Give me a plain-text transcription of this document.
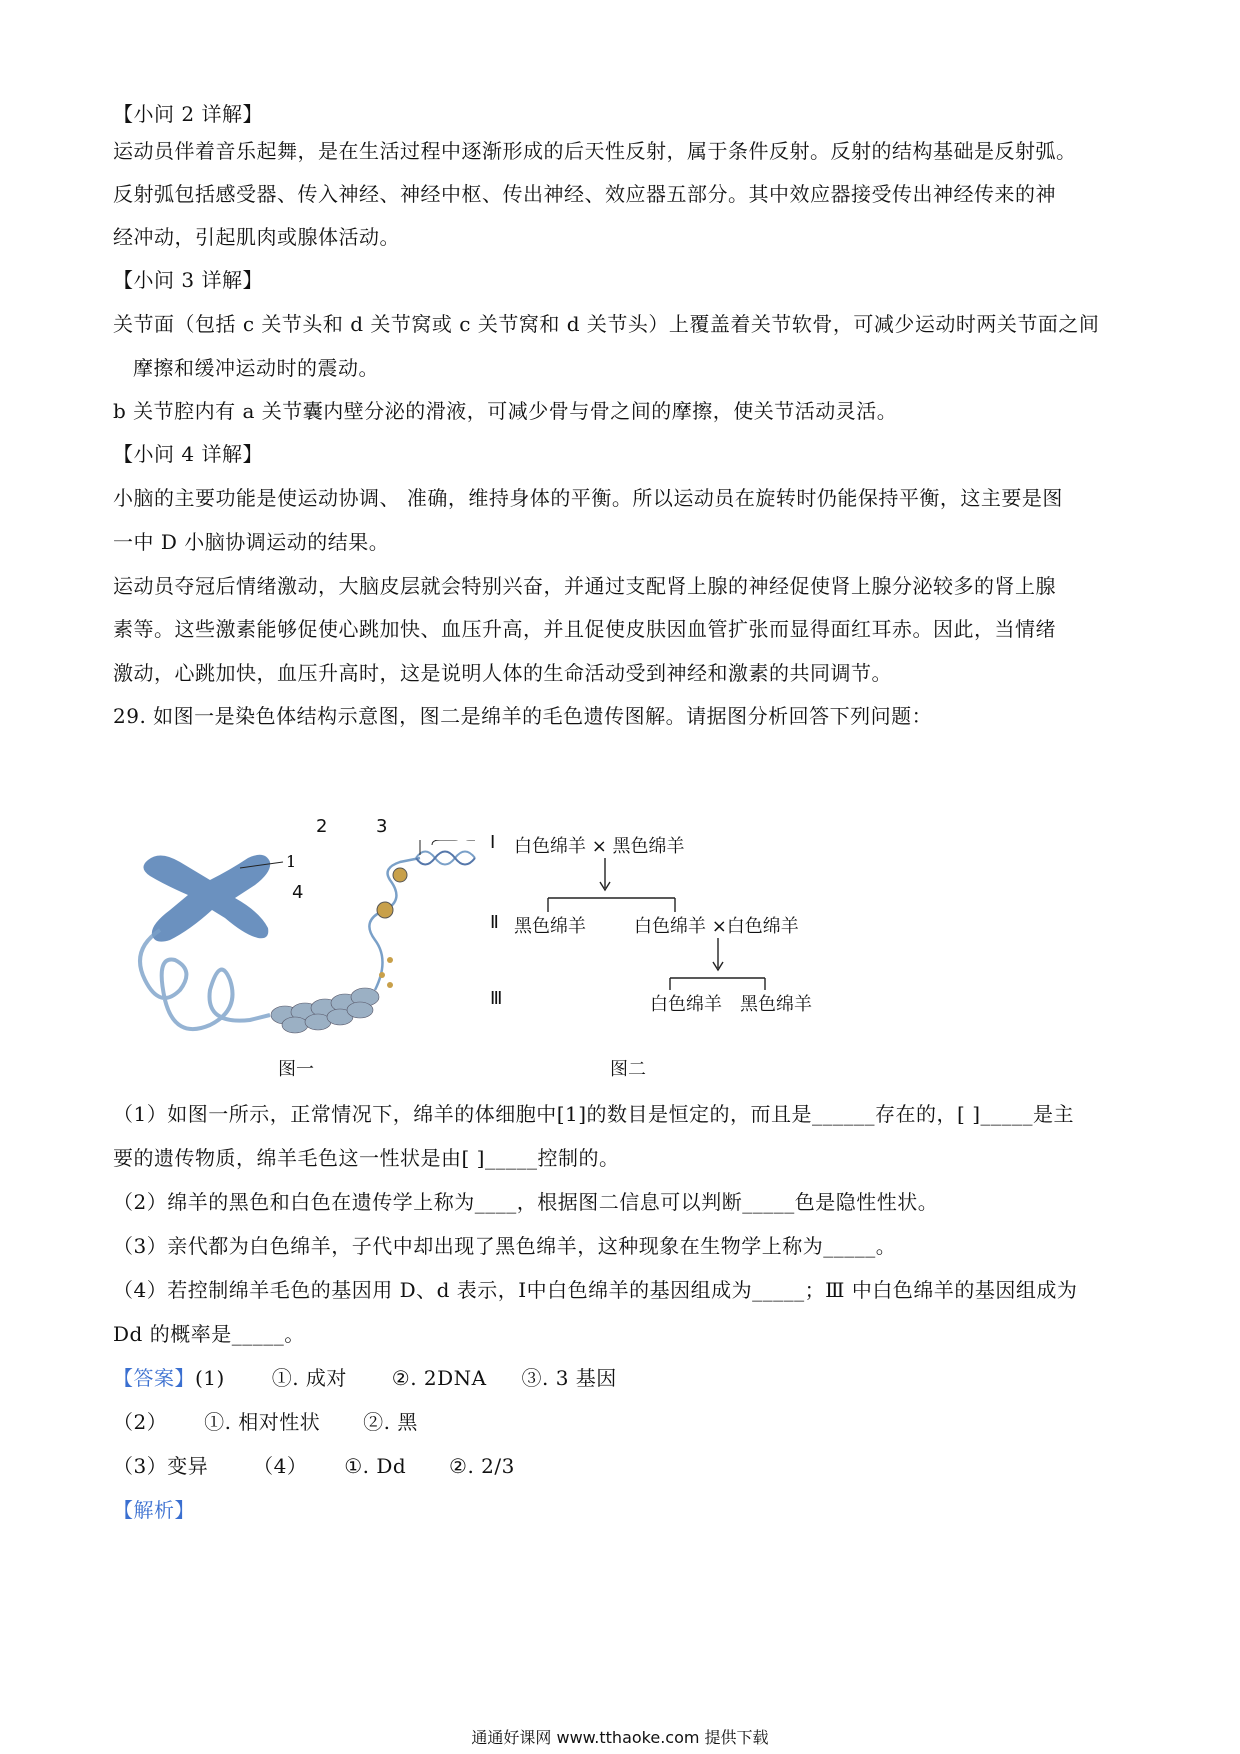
【小问 2 详解】
运动员伴着音乐起舞，是在生活过程中逐渐形成的后天性反射，属于条件反射。反射的结构基础是反射弧。
反射弧包括感受器、传入神经、神经中枢、传出神经、效应器五部分。其中效应器接受传出神经传来的神
经冲动，引起肌肉或腺体活动。
【小问 3 详解】
关节面（包括 c 关节头和 d 关节窝或 c 关节窝和 d 关节头）上覆盖着关节软骨，可减少运动时两关节面之间
摩擦和缓冲运动时的震动。
b 关节腔内有 a 关节囊内壁分泌的滑液，可减少骨与骨之间的摩擦，使关节活动灵活。
【小问 4 详解】
小脑的主要功能是使运动协调、 准确，维持身体的平衡。所以运动员在旋转时仍能保持平衡，这主要是图
一中 D 小脑协调运动的结果。
运动员夺冠后情绪激动，大脑皮层就会特别兴奋，并通过支配肾上腺的神经促使肾上腺分泌较多的肾上腺
素等。这些激素能够促使心跳加快、血压升高，并且促使皮肤因血管扩张而显得面红耳赤。因此，当情绪
激动，心跳加快，血压升高时，这是说明人体的生命活动受到神经和激素的共同调节。
29. 如图一是染色体结构示意图，图二是绵羊的毛色遗传图解。请据图分析回答下列问题：
1
2	3
4
图一
Ⅰ 白色绵羊 × 黑色绵羊
Ⅱ 黑色绵羊	白色绵羊 ×白色绵羊
Ⅲ	白色绵羊 黑色绵羊
图二
（1）如图一所示，正常情况下，绵羊的体细胞中[1]的数目是恒定的，而且是______存在的，[ ]_____是主
要的遗传物质，绵羊毛色这一性状是由[ ]_____控制的。
（2）绵羊的黑色和白色在遗传学上称为____，根据图二信息可以判断_____色是隐性性状。
（3）亲代都为白色绵羊，子代中却出现了黑色绵羊，这种现象在生物学上称为_____。
（4）若控制绵羊毛色的基因用 D、d 表示，Ⅰ中白色绵羊的基因组成为_____；Ⅲ 中白色绵羊的基因组成为
Dd 的概率是_____。
【答案】(1) ①. 成对 ②. 2DNA ③. 3 基因
（2） ①. 相对性状 ②. 黑
（3）变异 （4） ①. Dd ②. 2/3
【解析】
通通好课网 www.tthaoke.com 提供下载
